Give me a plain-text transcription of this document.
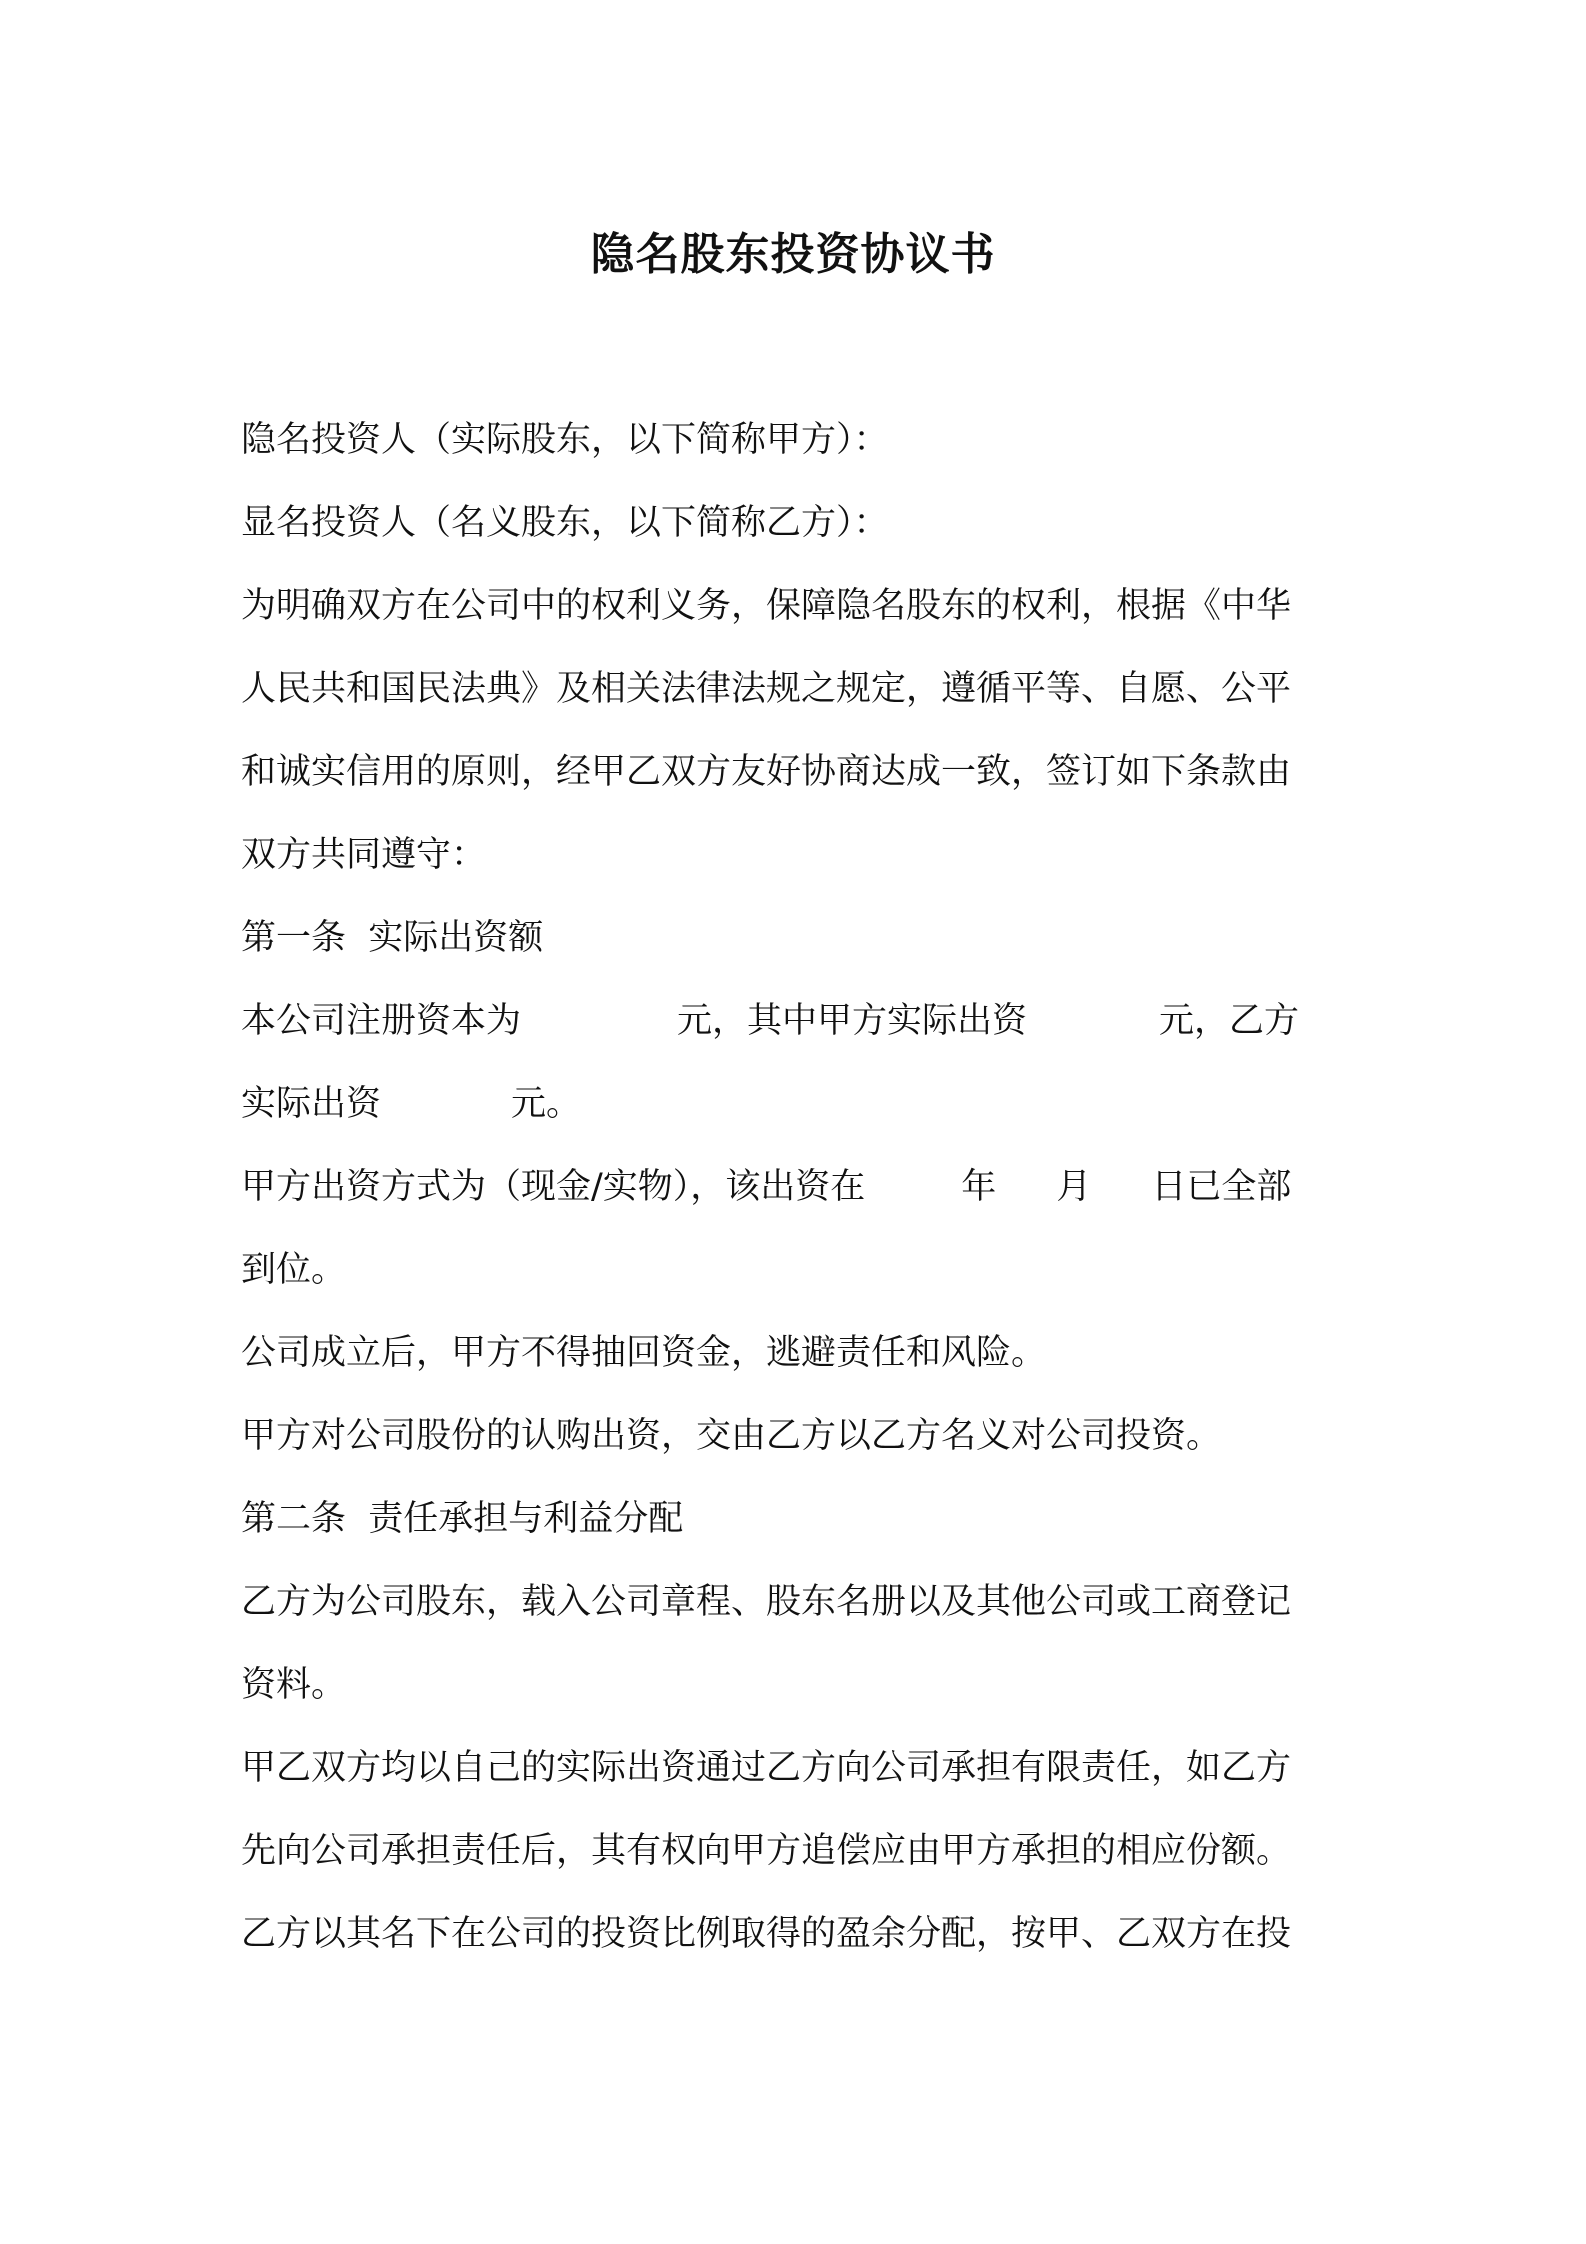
隐名股东投资协议书
隐名投资人（实际股东，以下简称甲方）：
显名投资人（名义股东，以下简称乙方）：
为明确双方在公司中的权利义务，保障隐名股东的权利，根据《中华
人民共和国民法典》及相关法律法规之规定，遵循平等、自愿、公平
和诚实信用的原则，经甲乙双方友好协商达成一致，签订如下条款由
双方共同遵守：
第一条  实际出资额
本公司注册资本为	元，其中甲方实际出资	元，乙方
实际出资	元。
甲方出资方式为（现金/实物），该出资在	年 月 日已全部
到位。
公司成立后，甲方不得抽回资金，逃避责任和风险。
甲方对公司股份的认购出资，交由乙方以乙方名义对公司投资。
第二条  责任承担与利益分配
乙方为公司股东，载入公司章程、股东名册以及其他公司或工商登记
资料。
甲乙双方均以自己的实际出资通过乙方向公司承担有限责任，如乙方
先向公司承担责任后，其有权向甲方追偿应由甲方承担的相应份额。
乙方以其名下在公司的投资比例取得的盈余分配，按甲、乙双方在投
